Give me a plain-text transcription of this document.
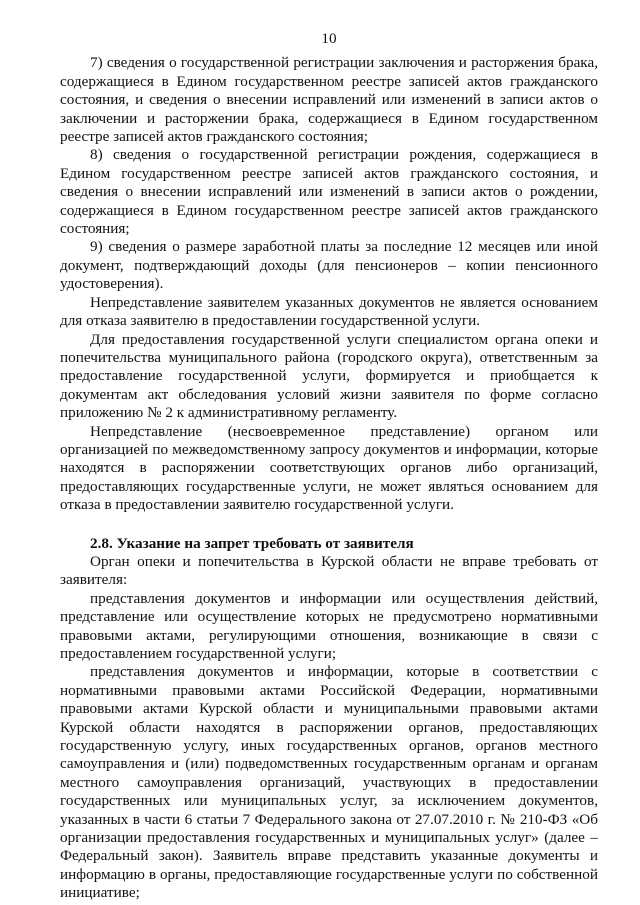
10

7) сведения о государственной регистрации заключения и расторжения брака, содержащиеся в Едином государственном реестре записей актов гражданского состояния, и сведения о внесении исправлений или изменений в записи актов о заключении и расторжении брака, содержащиеся в Едином государственном реестре записей актов гражданского состояния;

8) сведения о государственной регистрации рождения, содержащиеся в Едином государственном реестре записей актов гражданского состояния, и сведения о внесении исправлений или изменений в записи актов о рождении, содержащиеся в Едином государственном реестре записей актов гражданского состояния;

9) сведения о размере заработной платы за последние 12 месяцев или иной документ, подтверждающий доходы (для пенсионеров – копии пенсионного удостоверения).

Непредставление заявителем указанных документов не является основанием для отказа заявителю в предоставлении государственной услуги.

Для предоставления государственной услуги специалистом органа опеки и попечительства муниципального района (городского округа), ответственным за предоставление государственной услуги, формируется и приобщается к документам акт обследования условий жизни заявителя по форме согласно приложению № 2 к административному регламенту.

Непредставление (несвоевременное представление) органом или организацией по межведомственному запросу документов и информации, которые находятся в распоряжении соответствующих органов либо организаций, предоставляющих государственные услуги, не может являться основанием для отказа в предоставлении заявителю государственной услуги.

2.8. Указание на запрет требовать от заявителя

Орган опеки и попечительства в Курской области не вправе требовать от заявителя:

представления документов и информации или осуществления действий, представление или осуществление которых не предусмотрено нормативными правовыми актами, регулирующими отношения, возникающие в связи с предоставлением государственной услуги;

представления документов и информации, которые в соответствии с нормативными правовыми актами Российской Федерации, нормативными правовыми актами Курской области и муниципальными правовыми актами Курской области находятся в распоряжении органов, предоставляющих государственную услугу, иных государственных органов, органов местного самоуправления и (или) подведомственных государственным органам и органам местного самоуправления организаций, участвующих в предоставлении государственных или муниципальных услуг, за исключением документов, указанных в части 6 статьи 7 Федерального закона от 27.07.2010 г. № 210-ФЗ «Об организации предоставления государственных и муниципальных услуг» (далее – Федеральный закон). Заявитель вправе представить указанные документы и информацию в органы, предоставляющие государственные услуги по собственной инициативе;
